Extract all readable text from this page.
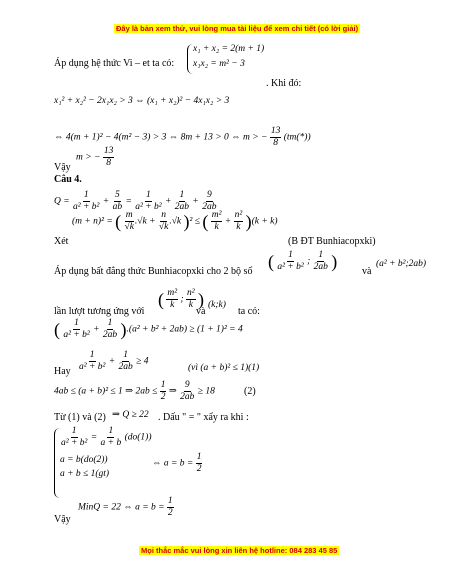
Đây là bản xem thử, vui lòng mua tài liệu để xem chi tiết (có lời giải)
x₁ + x₂ = 2(m + 1)
x₁x₂ = m² − 3
Áp dụng hệ thức Vi – et ta có:
. Khi đó:
x₁² + x₂² − 2x₁x₂ > 3 ⇔ (x₁ + x₂)² − 4x₁x₂ > 3
⇔ 4(m + 1)² − 4(m² − 3) > 3 ⇔ 8m + 13 > 0 ⇔ m > − $\frac{13}{8} (tm(*))$
Vậy
m > − $\frac{13}{8}$
Câu 4.
$Q = \frac{1}{\text{a² + b²}} + \frac{5}{ab} = \frac{1}{\text{a² + b²}} + \frac{1}{2ab} + \frac{9}{2ab}$
Xét
(m + n)² = ( $\frac{m}{√k} .√k + \frac{n}{√k} .√k$ )² ≤ ( $\frac{\text{m²}}{k} + \frac{\text{n²}}{k} )(k + k)$
(B ĐT Bunhiacopxki)
Áp dụng bất đẳng thức Bunhiacopxki cho 2 bộ số ( $\frac{1}{\text{a² + b²}}$ ; $\frac{1}{2ab}$ ) và
(a² + b²;2ab)
lần lượt tương ứng với
( $\frac{\text{m²}}{k}$ ; $\frac{\text{n²}}{k}$ )
và
(k;k)
ta có:
( $\frac{1}{\text{a² + b²}} + \frac{1}{2ab} ).(a^2 + b^2 + 2ab) \ge (1 + 1)^2 = 4$
Hay $\frac{1}{\text{a² + b²}} + \frac{1}{2ab} \ge 4$
(vì (a + b)² ≤ 1)(1)
4ab ≤ (a + b)² ≤ 1 ⇒ $2ab \le \frac{1}{2}$ ⇒ $\frac{9}{2ab} \ge 18$	(2)
Từ (1) và (2) ⇒ Q ≥ 22 . Dấu " = " xẩy ra khi :
$\frac{1}{\text{a² + b²}} = \frac{1}{a + b} (do(1))$
a = b(do(2))
a + b ≤ 1(gt)
⇔ $a = b = \frac{1}{2}$
Vậy
MinQ = 22 ⇔ $a = b = \frac{1}{2}$
Mọi thắc mắc vui lòng xin liên hệ hotline: 084 283 45 85
